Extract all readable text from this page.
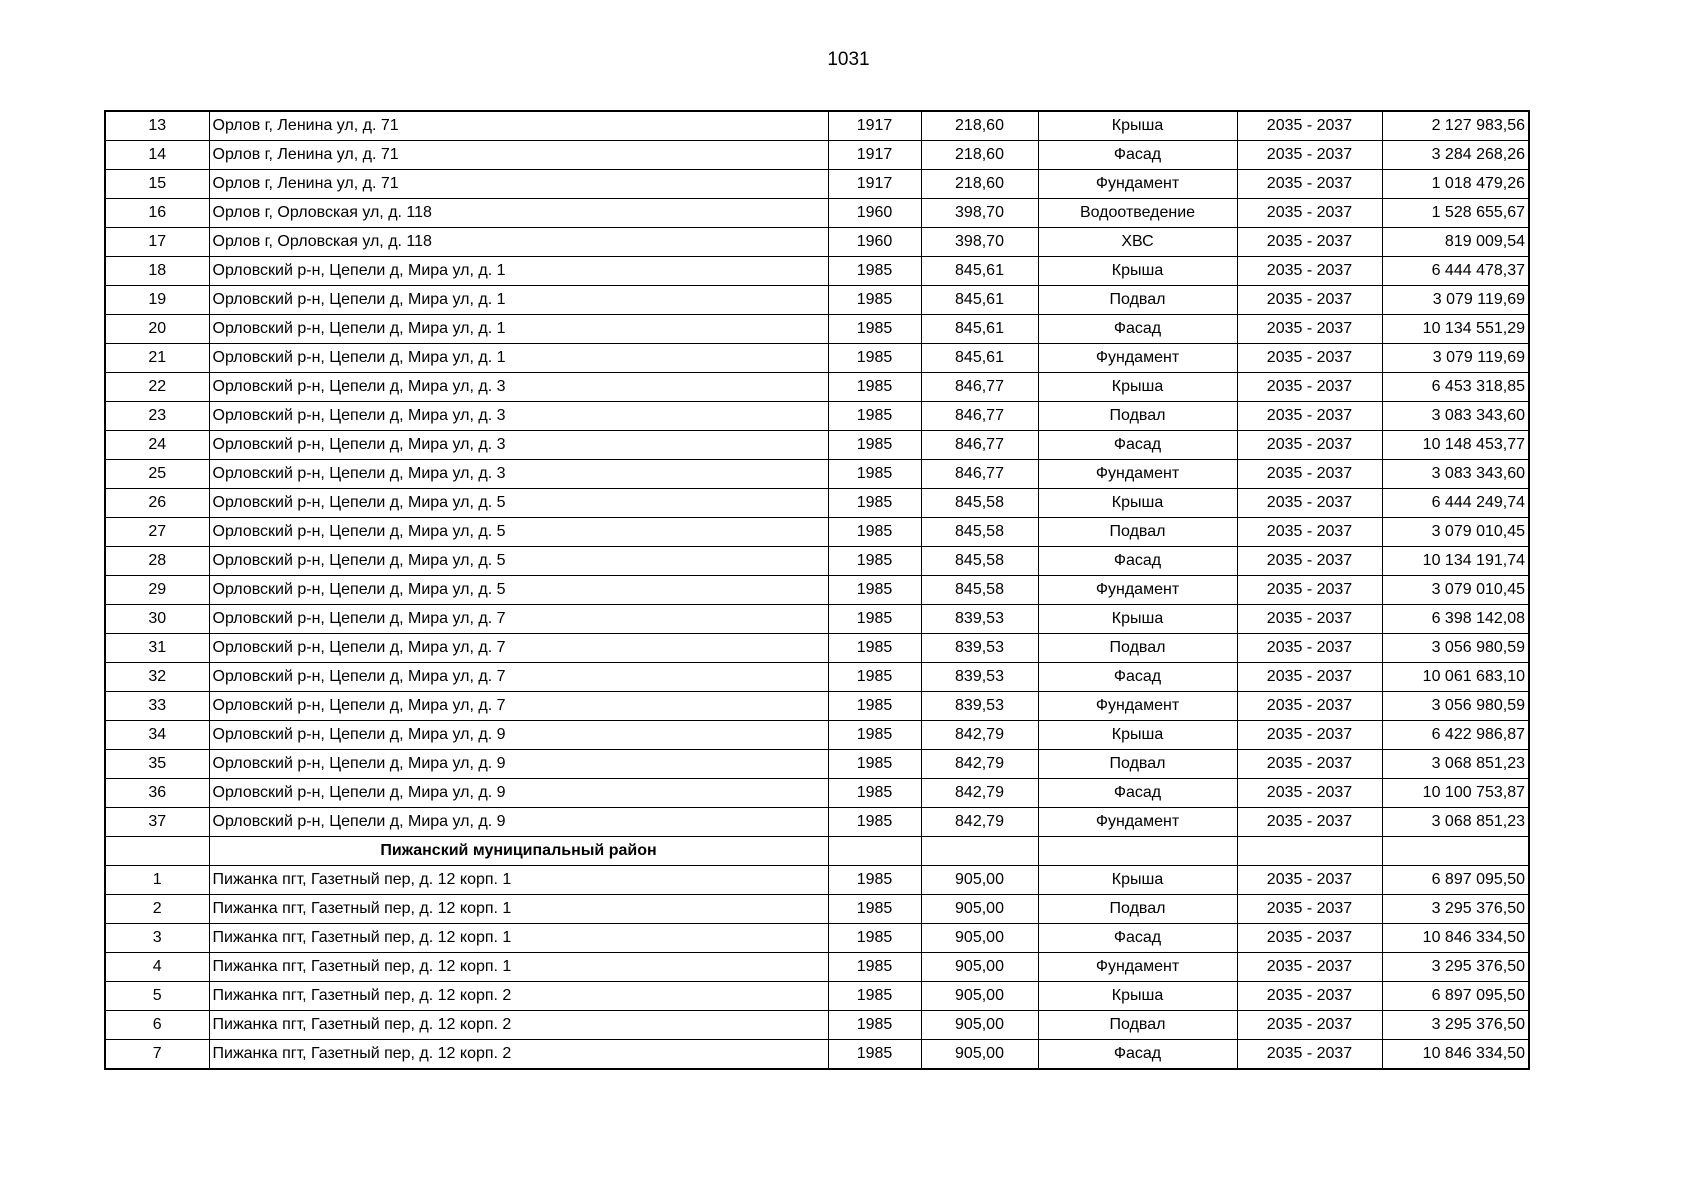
1031
13	Орлов г, Ленина ул, д. 71	1917	218,60	Крыша	2035 - 2037	2 127 983,56
14	Орлов г, Ленина ул, д. 71	1917	218,60	Фасад	2035 - 2037	3 284 268,26
15	Орлов г, Ленина ул, д. 71	1917	218,60	Фундамент	2035 - 2037	1 018 479,26
16	Орлов г, Орловская ул, д. 118	1960	398,70	Водоотведение	2035 - 2037	1 528 655,67
17	Орлов г, Орловская ул, д. 118	1960	398,70	ХВС	2035 - 2037	819 009,54
18	Орловский р-н, Цепели д, Мира ул, д. 1	1985	845,61	Крыша	2035 - 2037	6 444 478,37
19	Орловский р-н, Цепели д, Мира ул, д. 1	1985	845,61	Подвал	2035 - 2037	3 079 119,69
20	Орловский р-н, Цепели д, Мира ул, д. 1	1985	845,61	Фасад	2035 - 2037	10 134 551,29
21	Орловский р-н, Цепели д, Мира ул, д. 1	1985	845,61	Фундамент	2035 - 2037	3 079 119,69
22	Орловский р-н, Цепели д, Мира ул, д. 3	1985	846,77	Крыша	2035 - 2037	6 453 318,85
23	Орловский р-н, Цепели д, Мира ул, д. 3	1985	846,77	Подвал	2035 - 2037	3 083 343,60
24	Орловский р-н, Цепели д, Мира ул, д. 3	1985	846,77	Фасад	2035 - 2037	10 148 453,77
25	Орловский р-н, Цепели д, Мира ул, д. 3	1985	846,77	Фундамент	2035 - 2037	3 083 343,60
26	Орловский р-н, Цепели д, Мира ул, д. 5	1985	845,58	Крыша	2035 - 2037	6 444 249,74
27	Орловский р-н, Цепели д, Мира ул, д. 5	1985	845,58	Подвал	2035 - 2037	3 079 010,45
28	Орловский р-н, Цепели д, Мира ул, д. 5	1985	845,58	Фасад	2035 - 2037	10 134 191,74
29	Орловский р-н, Цепели д, Мира ул, д. 5	1985	845,58	Фундамент	2035 - 2037	3 079 010,45
30	Орловский р-н, Цепели д, Мира ул, д. 7	1985	839,53	Крыша	2035 - 2037	6 398 142,08
31	Орловский р-н, Цепели д, Мира ул, д. 7	1985	839,53	Подвал	2035 - 2037	3 056 980,59
32	Орловский р-н, Цепели д, Мира ул, д. 7	1985	839,53	Фасад	2035 - 2037	10 061 683,10
33	Орловский р-н, Цепели д, Мира ул, д. 7	1985	839,53	Фундамент	2035 - 2037	3 056 980,59
34	Орловский р-н, Цепели д, Мира ул, д. 9	1985	842,79	Крыша	2035 - 2037	6 422 986,87
35	Орловский р-н, Цепели д, Мира ул, д. 9	1985	842,79	Подвал	2035 - 2037	3 068 851,23
36	Орловский р-н, Цепели д, Мира ул, д. 9	1985	842,79	Фасад	2035 - 2037	10 100 753,87
37	Орловский р-н, Цепели д, Мира ул, д. 9	1985	842,79	Фундамент	2035 - 2037	3 068 851,23
	Пижанский муниципальный район					
1	Пижанка пгт, Газетный пер, д. 12 корп. 1	1985	905,00	Крыша	2035 - 2037	6 897 095,50
2	Пижанка пгт, Газетный пер, д. 12 корп. 1	1985	905,00	Подвал	2035 - 2037	3 295 376,50
3	Пижанка пгт, Газетный пер, д. 12 корп. 1	1985	905,00	Фасад	2035 - 2037	10 846 334,50
4	Пижанка пгт, Газетный пер, д. 12 корп. 1	1985	905,00	Фундамент	2035 - 2037	3 295 376,50
5	Пижанка пгт, Газетный пер, д. 12 корп. 2	1985	905,00	Крыша	2035 - 2037	6 897 095,50
6	Пижанка пгт, Газетный пер, д. 12 корп. 2	1985	905,00	Подвал	2035 - 2037	3 295 376,50
7	Пижанка пгт, Газетный пер, д. 12 корп. 2	1985	905,00	Фасад	2035 - 2037	10 846 334,50
